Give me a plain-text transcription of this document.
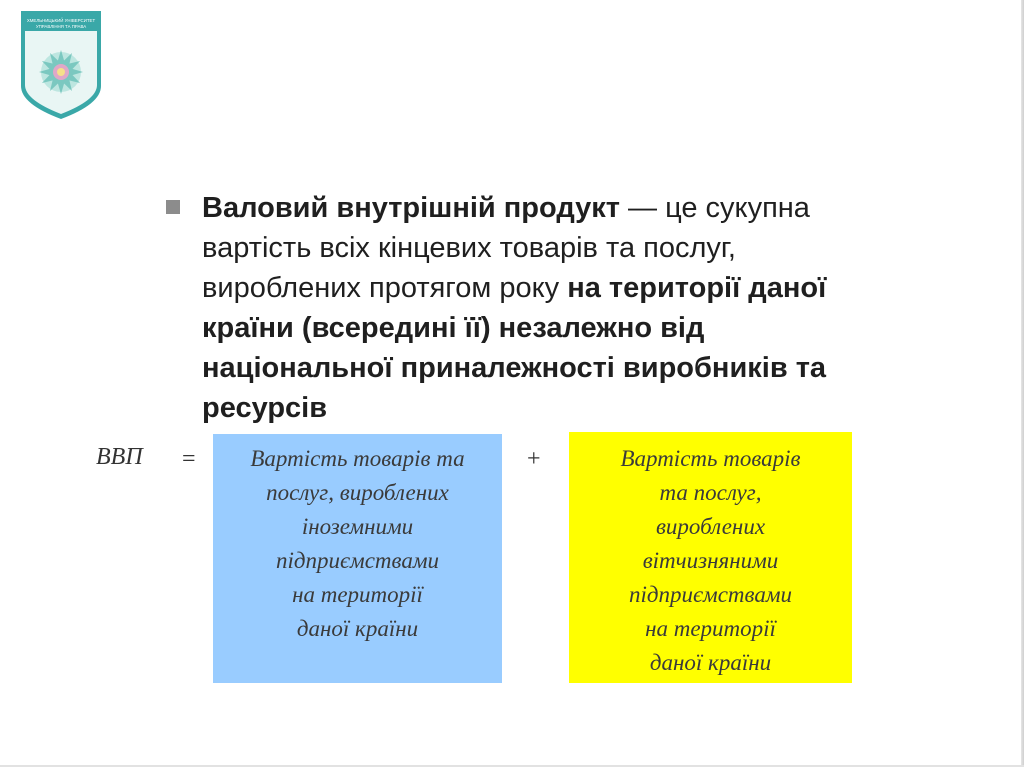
ХМЕЛЬНИЦЬКИЙ УНІВЕРСИТЕТ
УПРАВЛІННЯ ТА ПРАВА
Валовий внутрішній продукт — це сукупна
вартість всіх кінцевих товарів та послуг,
вироблених протягом року на території даної
країни (всередині її) незалежно від
національної приналежності виробників та
ресурсів
ВВП =	+
Вартість товарів та
послуг, вироблених
іноземними
підприємствами
на території
даної країни
Вартість товарів
та послуг,
вироблених
вітчизняними
підприємствами
на території
даної країни
